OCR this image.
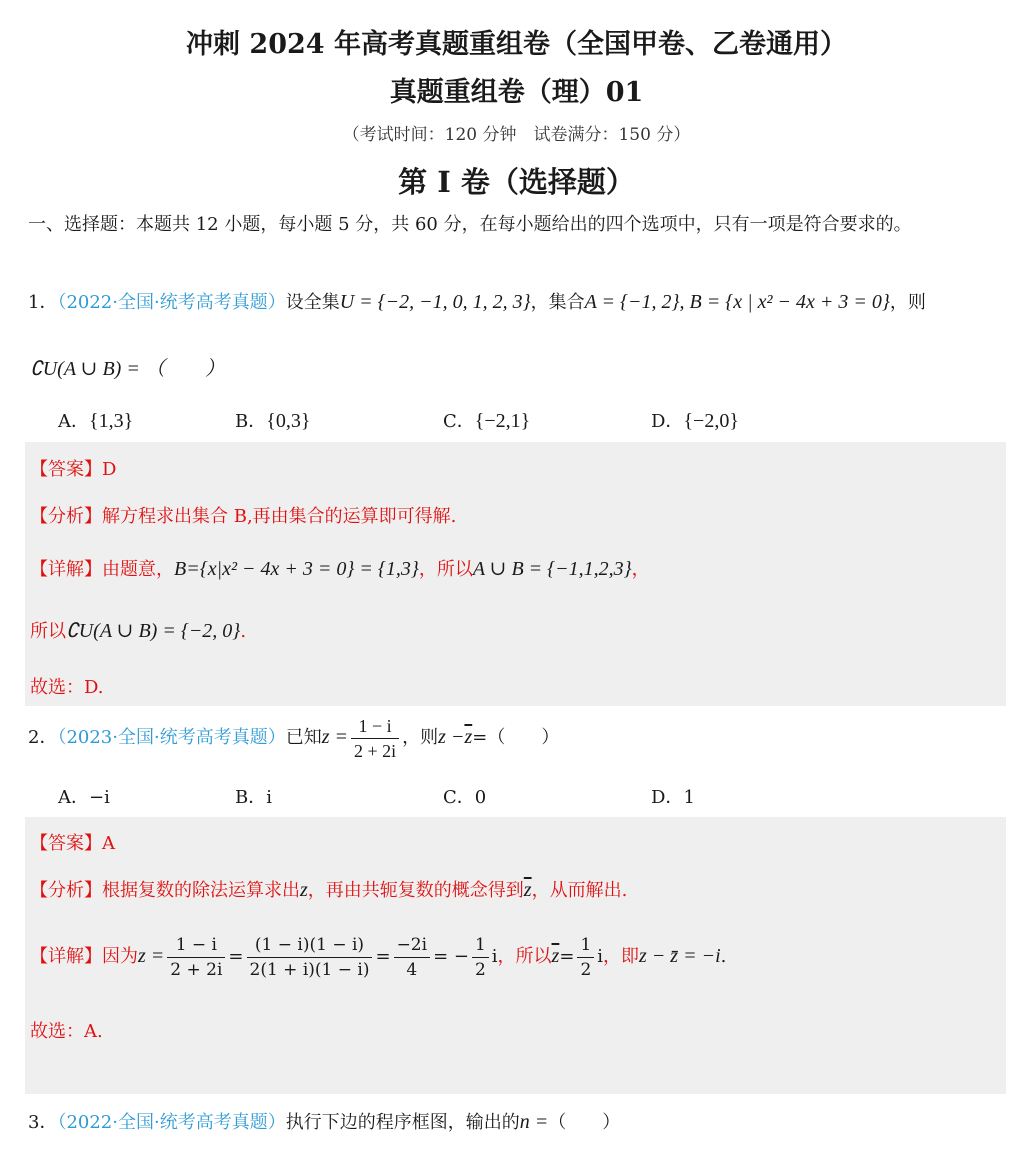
冲刺 2024 年高考真题重组卷（全国甲卷、乙卷通用）
真题重组卷（理）01
（考试时间：120 分钟　试卷满分：150 分）
第 I 卷（选择题）
一、选择题：本题共 12 小题，每小题 5 分，共 60 分，在每小题给出的四个选项中，只有一项是符合要求的。
1．（2022·全国·统考高考真题）设全集U = {−2, −1, 0, 1, 2, 3}，集合A = {−1, 2}, B = {x | x² − 4x + 3 = 0}，则
∁U(A ∪ B) = （　　）
A．{1,3}	B．{0,3}	C．{−2,1}	D．{−2,0}
【答案】D
【分析】解方程求出集合 B,再由集合的运算即可得解.
【详解】由题意，B={x|x² − 4x + 3 = 0} = {1,3}，所以A ∪ B = {−1,1,2,3}，
所以∁U(A ∪ B) = {−2, 0}.
故选：D.
2．（2023·全国·统考高考真题）已知$z = \frac{1 - i}{2 + 2i}$ ，则$z -\overline{z}=$（　　）
A．−i	B．i	C．0	D．1
【答案】A
【分析】根据复数的除法运算求出z，再由共轭复数的概念得到$\overline{z}$，从而解出.
【详解】因为$z = \frac{1 - i}{2 + 2i} = \frac{(1 - i)(1 - i)}{2(1 + i)(1 - i)} = \frac{-2i}{4}$ = − $\frac{1}{2}$ i，所以$\overline{z}= \frac{1}{2}$ i，即z − z̄ = −i.
故选：A.
3．（2022·全国·统考高考真题）执行下边的程序框图，输出的n =（　　）
